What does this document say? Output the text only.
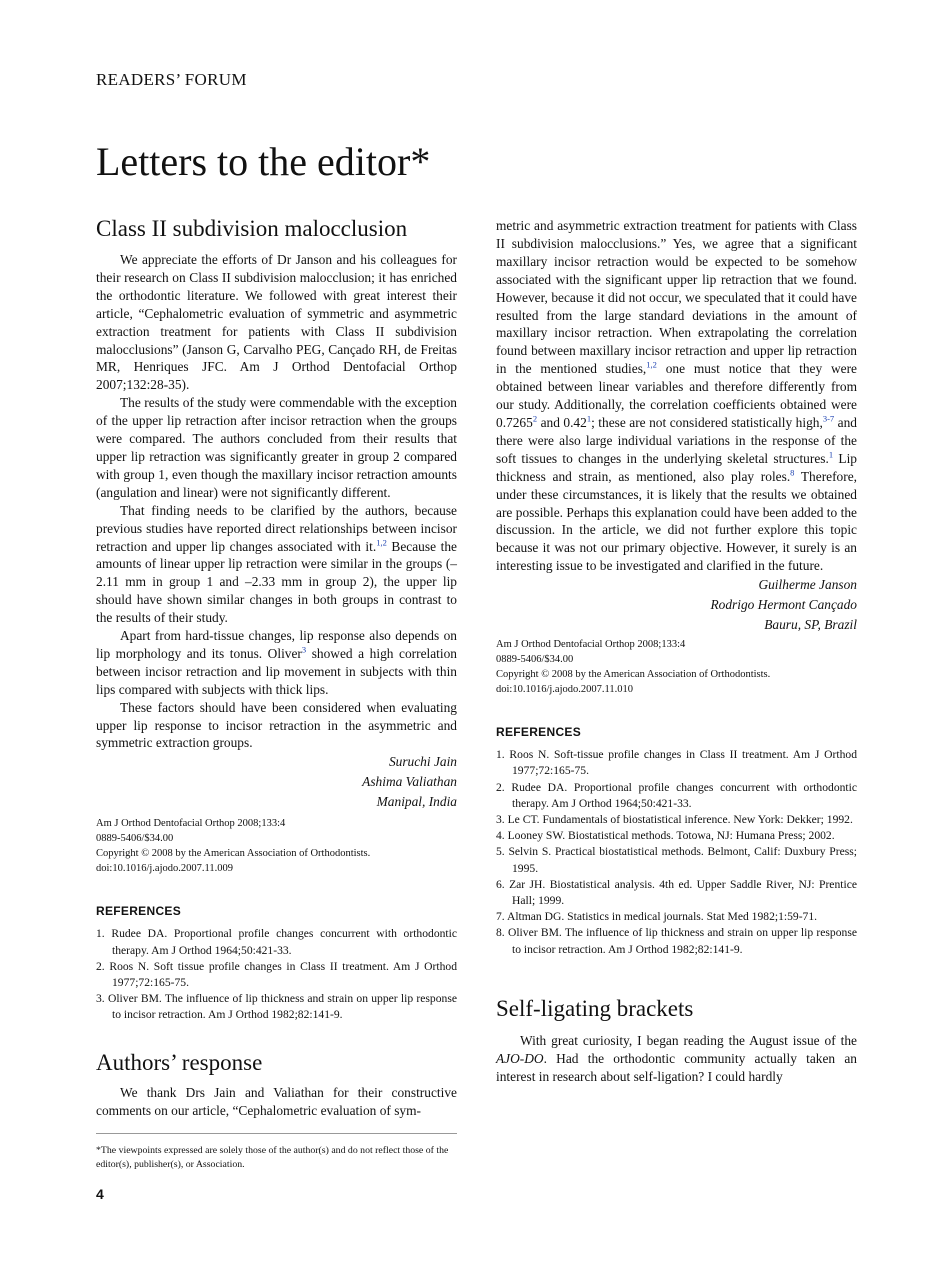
READERS’ FORUM
Letters to the editor*
Class II subdivision malocclusion

We appreciate the efforts of Dr Janson and his colleagues for their research on Class II subdivision malocclusion; it has enriched the orthodontic literature. We followed with great interest their article, “Cephalometric evaluation of symmetric and asymmetric extraction treatment for patients with Class II subdivision malocclusions” (Janson G, Carvalho PEG, Cançado RH, de Freitas MR, Henriques JFC. Am J Orthod Dentofacial Orthop 2007;132:28-35).

The results of the study were commendable with the exception of the upper lip retraction after incisor retraction when the groups were compared. The authors concluded from their results that upper lip retraction was significantly greater in group 2 compared with group 1, even though the maxillary incisor retraction amounts (angulation and linear) were not significantly different.

That finding needs to be clarified by the authors, because previous studies have reported direct relationships between incisor retraction and upper lip changes associated with it.$^{1,2}$ Because the amounts of linear upper lip retraction were similar in the groups (–2.11 mm in group 1 and –2.33 mm in group 2), the upper lip should have shown similar changes in both groups in contrast to the results of their study.

Apart from hard-tissue changes, lip response also depends on lip morphology and its tonus. Oliver$^3$ showed a high correlation between incisor retraction and lip movement in subjects with thin lips compared with subjects with thick lips.

These factors should have been considered when evaluating upper lip response to incisor retraction in the asymmetric and symmetric extraction groups.

Suruchi Jain
Ashima Valiathan
Manipal, India
Am J Orthod Dentofacial Orthop 2008;133:4
0889-5406/$34.00
Copyright © 2008 by the American Association of Orthodontists.
doi:10.1016/j.ajodo.2007.11.009
REFERENCES
1. Rudee DA. Proportional profile changes concurrent with orthodontic therapy. Am J Orthod 1964;50:421-33.
2. Roos N. Soft tissue profile changes in Class II treatment. Am J Orthod 1977;72:165-75.
3. Oliver BM. The influence of lip thickness and strain on upper lip response to incisor retraction. Am J Orthod 1982;82:141-9.
Authors’ response

We thank Drs Jain and Valiathan for their constructive comments on our article, “Cephalometric evaluation of sym-

*The viewpoints expressed are solely those of the author(s) and do not reflect those of the editor(s), publisher(s), or Association.
4

metric and asymmetric extraction treatment for patients with Class II subdivision malocclusions.” Yes, we agree that a significant maxillary incisor retraction would be expected to be somehow associated with the significant upper lip retraction that we found. However, because it did not occur, we speculated that it could have resulted from the large standard deviations in the amount of maxillary incisor retraction. When extrapolating the correlation found between maxillary incisor retraction and upper lip retraction in the mentioned studies,$^{1,2}$ one must notice that they were obtained between linear variables and therefore differently from our study. Additionally, the correlation coefficients obtained were 0.7265$^2$ and 0.42$^1$; these are not considered statistically high,$^{3-7}$ and there were also large individual variations in the response of the soft tissues to changes in the underlying skeletal structures.$^1$ Lip thickness and strain, as mentioned, also play roles.$^8$ Therefore, under these circumstances, it is likely that the results we obtained are possible. Perhaps this explanation could have been added to the discussion. In the article, we did not further explore this topic because it was not our primary objective. However, it surely is an interesting issue to be investigated and clarified in the future.

Guilherme Janson
Rodrigo Hermont Cançado
Bauru, SP, Brazil
Am J Orthod Dentofacial Orthop 2008;133:4
0889-5406/$34.00
Copyright © 2008 by the American Association of Orthodontists.
doi:10.1016/j.ajodo.2007.11.010
REFERENCES
1. Roos N. Soft-tissue profile changes in Class II treatment. Am J Orthod 1977;72:165-75.
2. Rudee DA. Proportional profile changes concurrent with orthodontic therapy. Am J Orthod 1964;50:421-33.
3. Le CT. Fundamentals of biostatistical inference. New York: Dekker; 1992.
4. Looney SW. Biostatistical methods. Totowa, NJ: Humana Press; 2002.
5. Selvin S. Practical biostatistical methods. Belmont, Calif: Duxbury Press; 1995.
6. Zar JH. Biostatistical analysis. 4th ed. Upper Saddle River, NJ: Prentice Hall; 1999.
7. Altman DG. Statistics in medical journals. Stat Med 1982;1:59-71.
8. Oliver BM. The influence of lip thickness and strain on upper lip response to incisor retraction. Am J Orthod 1982;82:141-9.
Self-ligating brackets

With great curiosity, I began reading the August issue of the AJO-DO. Had the orthodontic community actually taken an interest in research about self-ligation? I could hardly
